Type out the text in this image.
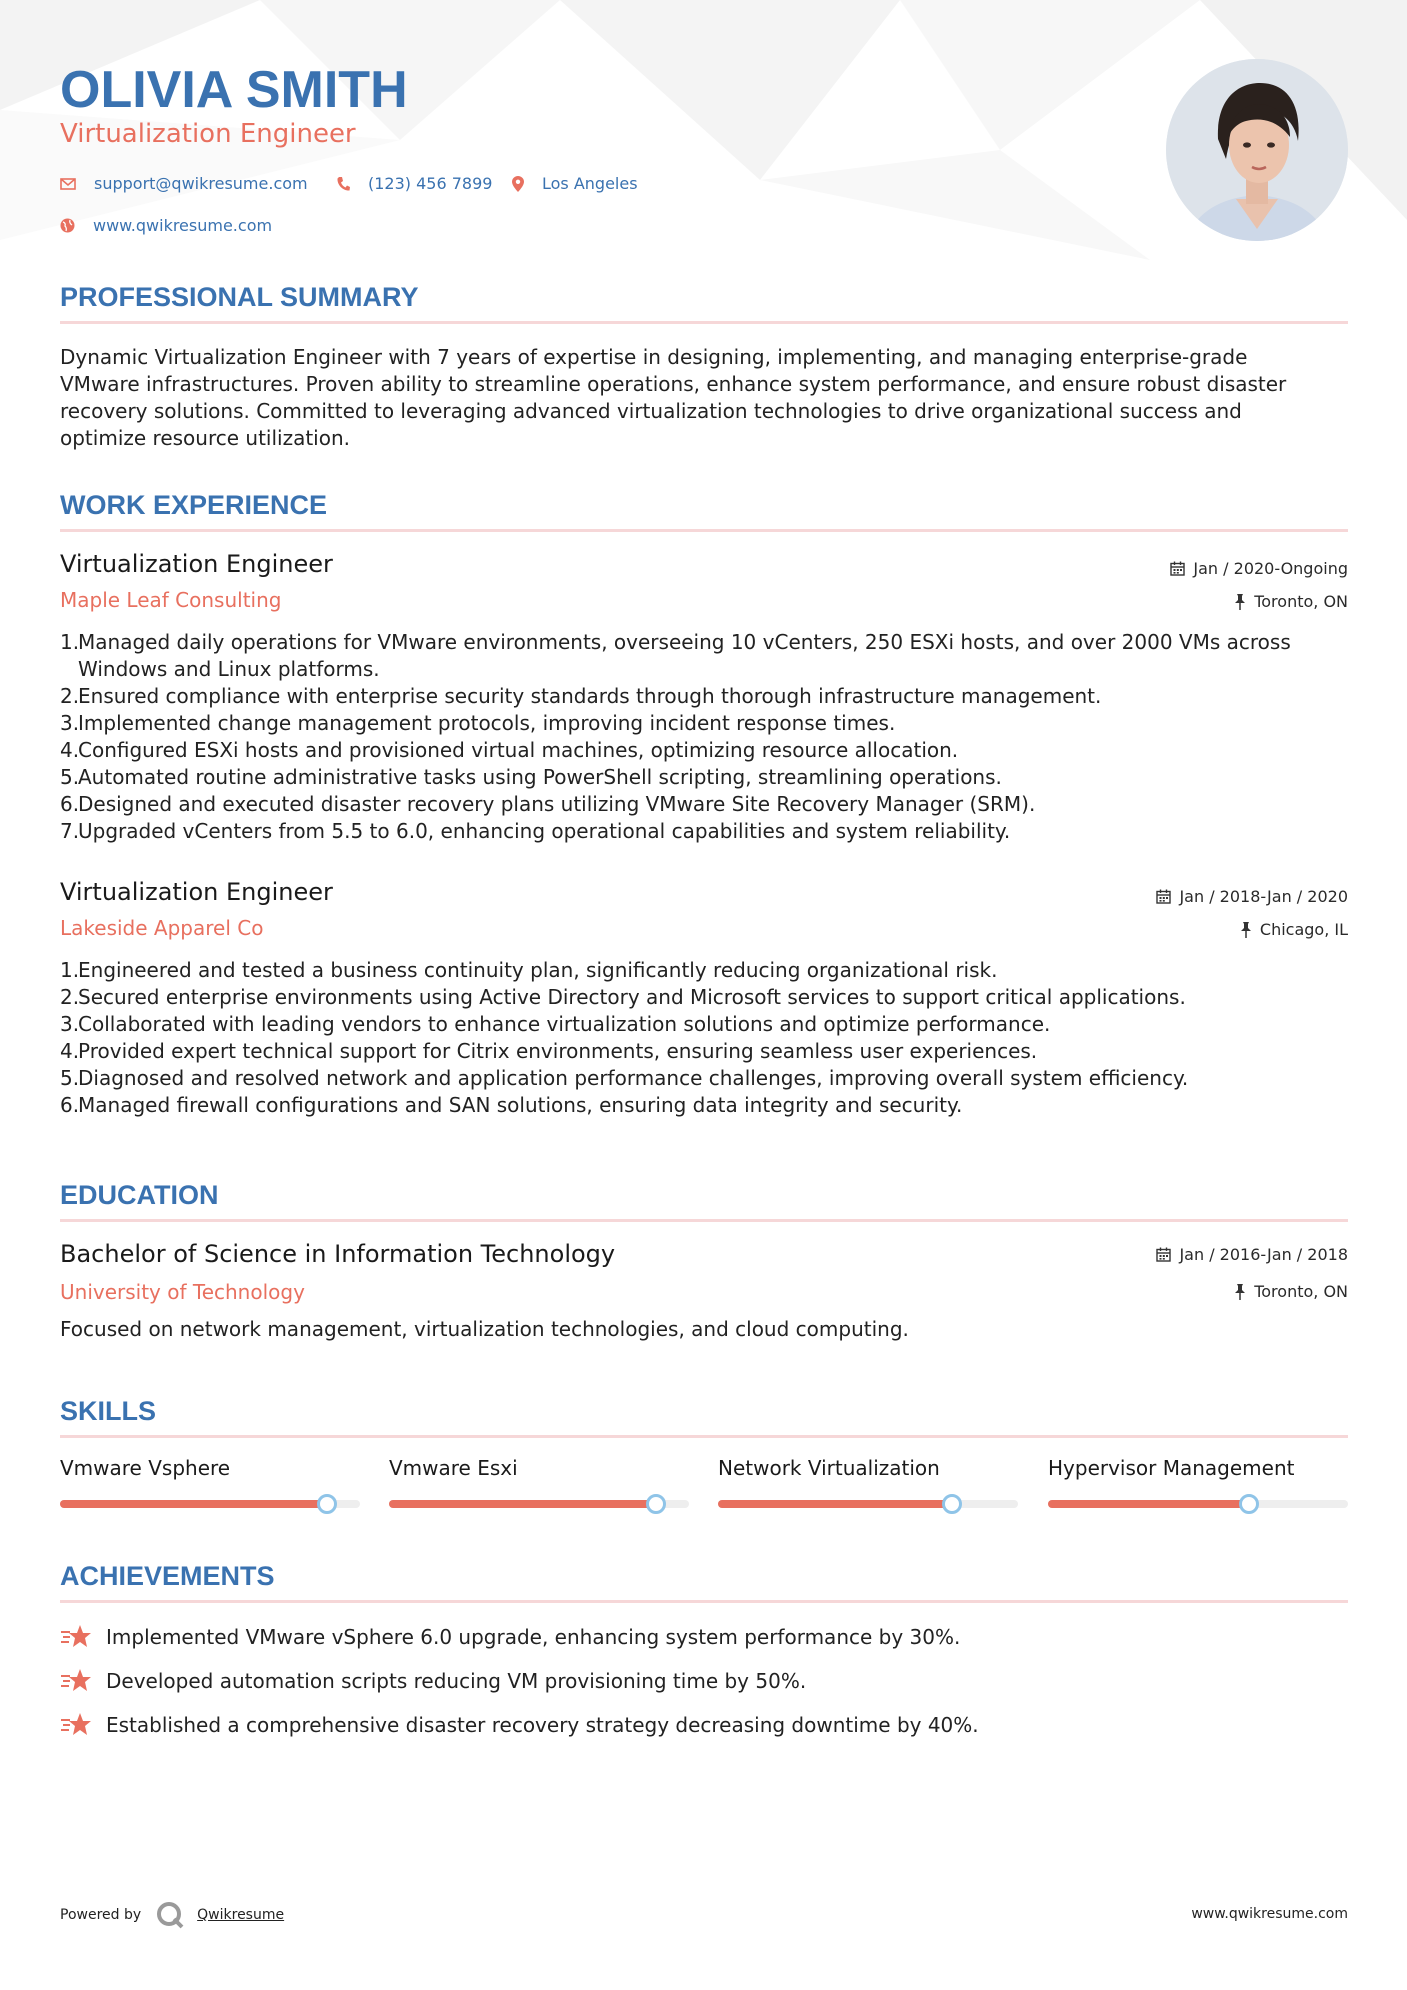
OLIVIA SMITH
Virtualization Engineer
support@qwikresume.com	(123) 456 7899	Los Angeles
www.qwikresume.com
PROFESSIONAL SUMMARY
Dynamic Virtualization Engineer with 7 years of expertise in designing, implementing, and managing enterprise-grade
VMware infrastructures. Proven ability to streamline operations, enhance system performance, and ensure robust disaster
recovery solutions. Committed to leveraging advanced virtualization technologies to drive organizational success and
optimize resource utilization.
WORK EXPERIENCE
Virtualization Engineer
Maple Leaf Consulting
Jan / 2020-Ongoing
Toronto, ON
1.
Managed daily operations for VMware environments, overseeing 10 vCenters, 250 ESXi hosts, and over 2000 VMs across
Windows and Linux platforms.
2.
Ensured compliance with enterprise security standards through thorough infrastructure management.
3.
Implemented change management protocols, improving incident response times.
4.
Configured ESXi hosts and provisioned virtual machines, optimizing resource allocation.
5.
Automated routine administrative tasks using PowerShell scripting, streamlining operations.
6.
Designed and executed disaster recovery plans utilizing VMware Site Recovery Manager (SRM).
7.
Upgraded vCenters from 5.5 to 6.0, enhancing operational capabilities and system reliability.
Virtualization Engineer
Lakeside Apparel Co
Jan / 2018-Jan / 2020
Chicago, IL
1.
Engineered and tested a business continuity plan, significantly reducing organizational risk.
2.
Secured enterprise environments using Active Directory and Microsoft services to support critical applications.
3.
Collaborated with leading vendors to enhance virtualization solutions and optimize performance.
4.
Provided expert technical support for Citrix environments, ensuring seamless user experiences.
5.
Diagnosed and resolved network and application performance challenges, improving overall system efficiency.
6.
Managed firewall configurations and SAN solutions, ensuring data integrity and security.
EDUCATION
Bachelor of Science in Information Technology
University of Technology
Jan / 2016-Jan / 2018
Toronto, ON
Focused on network management, virtualization technologies, and cloud computing.
SKILLS
Vmware Vsphere	Vmware Esxi	Network Virtualization	Hypervisor Management
ACHIEVEMENTS
Implemented VMware vSphere 6.0 upgrade, enhancing system performance by 30%.
Developed automation scripts reducing VM provisioning time by 50%.
Established a comprehensive disaster recovery strategy decreasing downtime by 40%.
Powered by	Qwikresume	www.qwikresume.com
